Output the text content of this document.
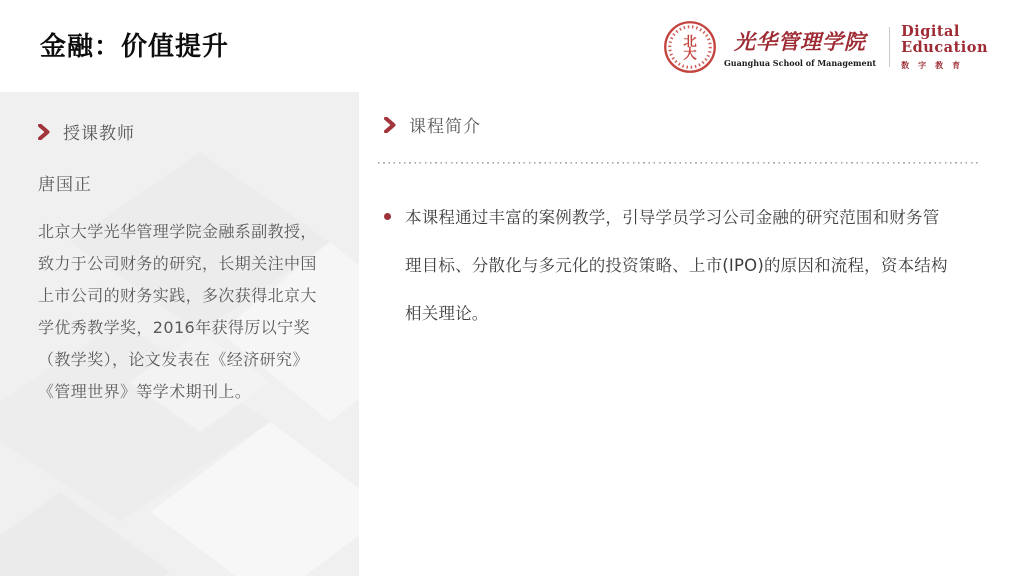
金融：价值提升	北
大
光华管理学院
Guanghua School of Management
Digital
Education
数字教育
授课教师
唐国正

北京大学光华管理学院金融系副教授，致力于公司财务的研究，长期关注中国上市公司的财务实践，多次获得北京大学优秀教学奖，2016年获得厉以宁奖（教学奖），论文发表在《经济研究》《管理世界》等学术期刊上。

课程简介

本课程通过丰富的案例教学，引导学员学习公司金融的研究范围和财务管理目标、分散化与多元化的投资策略、上市(IPO)的原因和流程，资本结构相关理论。
